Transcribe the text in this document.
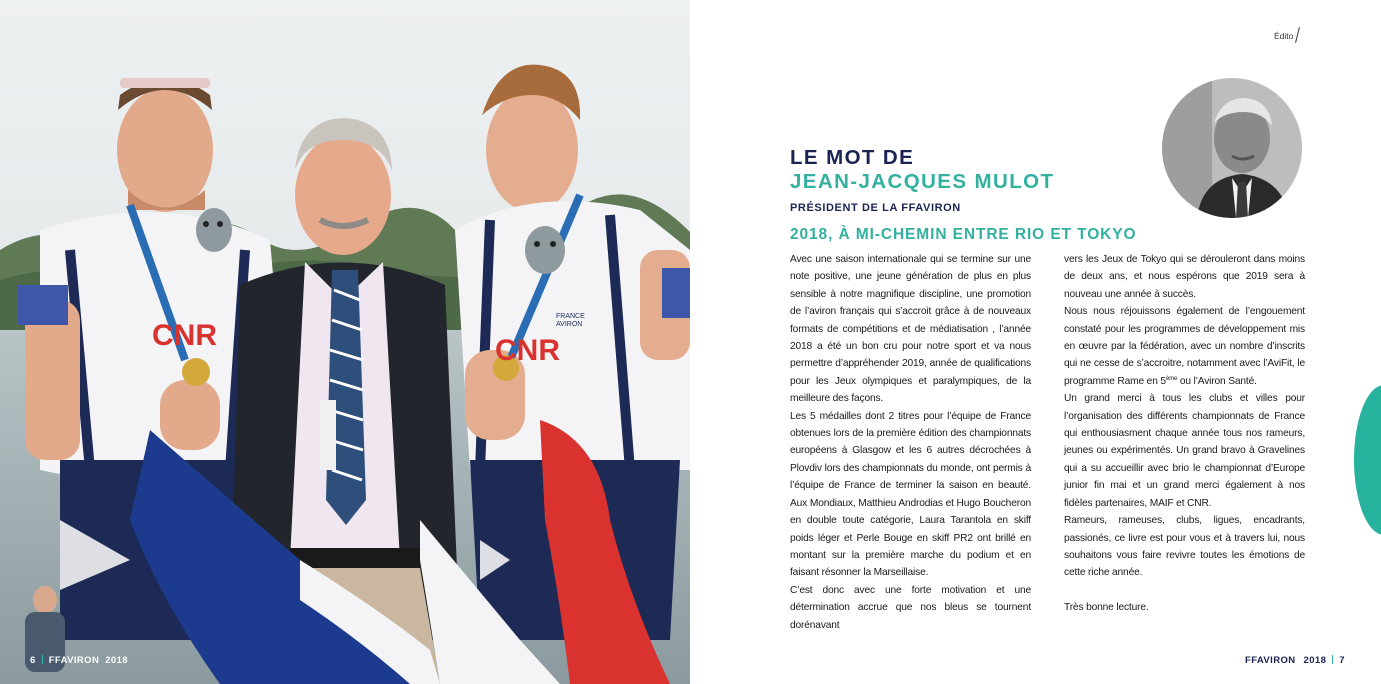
CNR	CNR
FRANCE
AVIRON
6 FFAVIRON 2018
Édito
LE MOT DE
JEAN-JACQUES MULOT
PRÉSIDENT DE LA FFAVIRON
2018, À MI-CHEMIN ENTRE RIO ET TOKYO

Avec une saison internationale qui se termine sur une note positive, une jeune génération de plus en plus sensible à notre magnifique discipline, une promotion de l’aviron français qui s’accroit grâce à de nouveaux formats de compétitions et de médiatisation , l’année 2018 a été un bon cru pour notre sport et va nous permettre d’appréhender 2019, année de qualifications pour les Jeux olympiques et paralympiques, de la meilleure des façons.

Les 5 médailles dont 2 titres pour l’équipe de France obtenues lors de la première édition des championnats européens à Glasgow et les 6 autres décrochées à Plovdiv lors des championnats du monde, ont permis à l’équipe de France de terminer la saison en beauté. Aux Mondiaux, Matthieu Androdias et Hugo Boucheron en double toute catégorie, Laura Tarantola en skiff poids léger et Perle Bouge en skiff PR2 ont brillé en montant sur la première marche du podium et en faisant résonner la Marseillaise.

C’est donc avec une forte motivation et une détermination accrue que nos bleus se tournent dorénavant

vers les Jeux de Tokyo qui se dérouleront dans moins de deux ans, et nous espérons que 2019 sera à nouveau une année à succès.

Nous nous réjouissons également de l’engouement constaté pour les programmes de développement mis en œuvre par la fédération, avec un nombre d’inscrits qui ne cesse de s’accroitre, notamment avec l’AviFit, le programme Rame en 5ème ou l’Aviron Santé.

Un grand merci à tous les clubs et villes pour l’organisation des différents championnats de France qui enthousiasment chaque année tous nos rameurs, jeunes ou expérimentés. Un grand bravo à Gravelines qui a su accueillir avec brio le championnat d’Europe junior fin mai et un grand merci également à nos fidèles partenaires, MAIF et CNR.

Rameurs, rameuses, clubs, ligues, encadrants, passionés, ce livre est pour vous et à travers lui, nous souhaitons vous faire revivre toutes les émotions de cette riche année.

Très bonne lecture.

FFAVIRON 2018 7
